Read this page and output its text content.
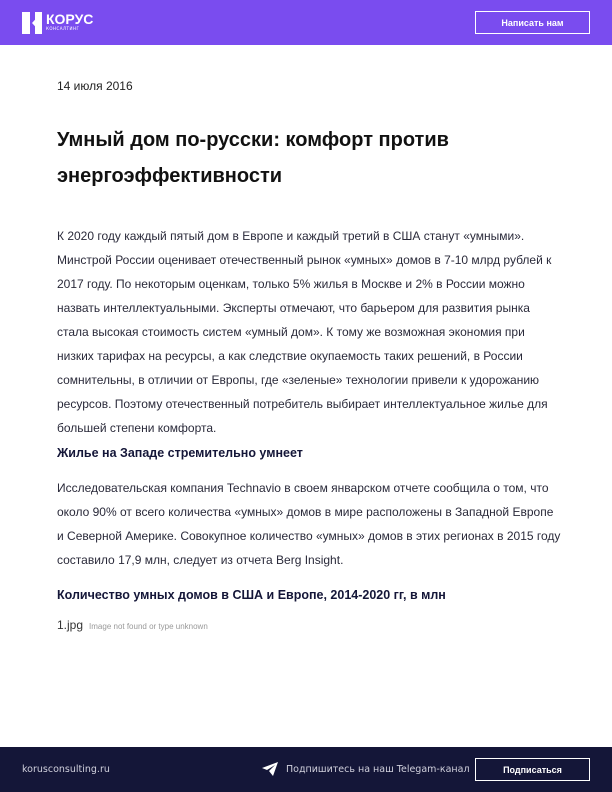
КОРУС
КОНСАЛТИНГ
Написать нам
14 июля 2016
Умный дом по-русски: комфорт против энергоэффективности

К 2020 году каждый пятый дом в Европе и каждый третий в США станут «умными». Минстрой России оценивает отечественный рынок «умных» домов в 7-10 млрд рублей к 2017 году. По некоторым оценкам, только 5% жилья в Москве и 2% в России можно назвать интеллектуальными. Эксперты отмечают, что барьером для развития рынка стала высокая стоимость систем «умный дом». К тому же возможная экономия при низких тарифах на ресурсы, а как следствие окупаемость таких решений, в России сомнительны, в отличии от Европы, где «зеленые» технологии привели к удорожанию ресурсов. Поэтому отечественный потребитель выбирает интеллектуальное жилье для большей степени комфорта.

Жилье на Западе стремительно умнеет

Исследовательская компания Technavio в своем январском отчете сообщила о том, что около 90% от всего количества «умных» домов в мире расположены в Западной Европе и Северной Америке. Совокупное количество «умных» домов в этих регионах в 2015 году составило 17,9 млн, следует из отчета Berg Insight.

Количество умных домов в США и Европе, 2014-2020 гг, в млн
1.jpg Image not found or type unknown
korusconsulting.ru	Подпишитесь на наш Telegam-канал	Подписаться
